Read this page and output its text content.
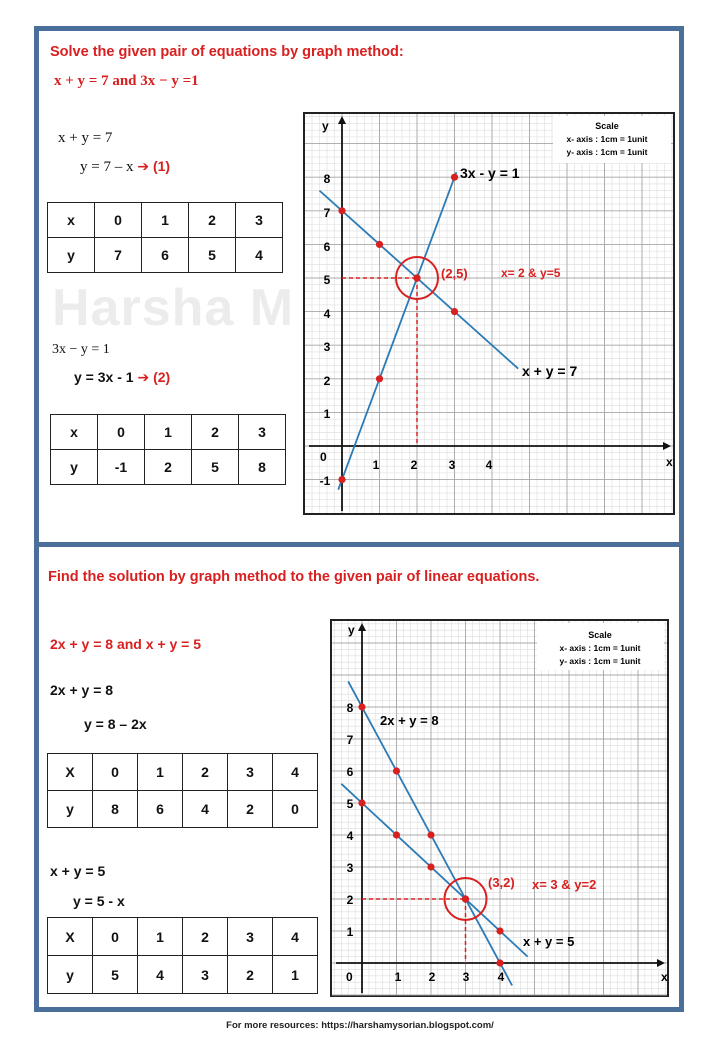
Harsha M
Solve the given pair of equations by graph method:
x + y = 7 and 3x − y =1
x + y = 7
y = 7 – x ➔ (1)
x	0	1	2	3
y	7	6	5	4
3x − y = 1
y = 3x - 1 ➔ (2)
x	0	1	2	3
y	-1	2	5	8
Scale
x- axis : 1cm = 1unit
y- axis : 1cm = 1unit
y
x
0
1	2	3	4
1
2
3
4
5
6
7
8
-1
3x - y = 1
x + y = 7
(2,5)	x= 2 & y=5
Find the solution by graph method to the given pair of linear equations.
2x + y = 8 and x + y = 5
2x + y = 8
y = 8 – 2x
X	0	1	2	3	4
y	8	6	4	2	0
x + y = 5
y = 5 - x
X	0	1	2	3	4
y	5	4	3	2	1
Scale
x- axis : 1cm = 1unit
y- axis : 1cm = 1unit
y
x
0	1 2 3 4
1
2
3
4
5
6
7
8
2x + y = 8
x + y = 5
(3,2) x= 3 & y=2
For more resources: https://harshamysorian.blogspot.com/
